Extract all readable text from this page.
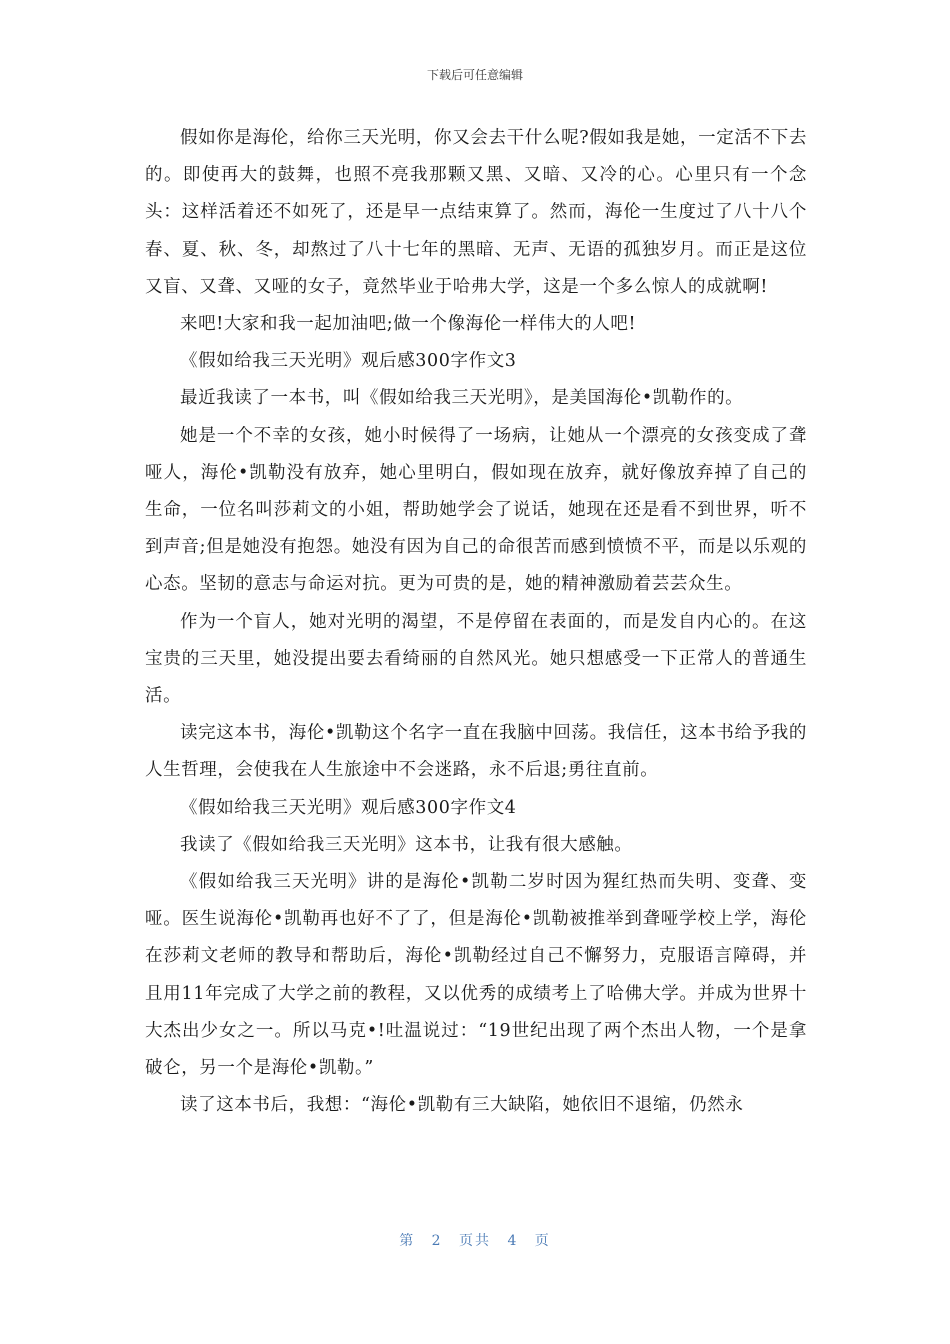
下载后可任意编辑

假如你是海伦，给你三天光明，你又会去干什么呢?假如我是她，一定活不下去的。即使再大的鼓舞，也照不亮我那颗又黑、又暗、又冷的心。心里只有一个念头：这样活着还不如死了，还是早一点结束算了。然而，海伦一生度过了八十八个春、夏、秋、冬，却熬过了八十七年的黑暗、无声、无语的孤独岁月。而正是这位又盲、又聋、又哑的女子，竟然毕业于哈弗大学，这是一个多么惊人的成就啊!

来吧!大家和我一起加油吧;做一个像海伦一样伟大的人吧!

《假如给我三天光明》观后感300字作文3

最近我读了一本书，叫《假如给我三天光明》，是美国海伦•凯勒作的。

她是一个不幸的女孩，她小时候得了一场病，让她从一个漂亮的女孩变成了聋哑人，海伦•凯勒没有放弃，她心里明白，假如现在放弃，就好像放弃掉了自己的生命，一位名叫莎莉文的小姐，帮助她学会了说话，她现在还是看不到世界，听不到声音;但是她没有抱怨。她没有因为自己的命很苦而感到愤愤不平，而是以乐观的心态。坚韧的意志与命运对抗。更为可贵的是，她的精神激励着芸芸众生。

作为一个盲人，她对光明的渴望，不是停留在表面的，而是发自内心的。在这宝贵的三天里，她没提出要去看绮丽的自然风光。她只想感受一下正常人的普通生活。

读完这本书，海伦•凯勒这个名字一直在我脑中回荡。我信任，这本书给予我的人生哲理，会使我在人生旅途中不会迷路，永不后退;勇往直前。

《假如给我三天光明》观后感300字作文4

我读了《假如给我三天光明》这本书，让我有很大感触。

《假如给我三天光明》讲的是海伦•凯勒二岁时因为猩红热而失明、变聋、变哑。医生说海伦•凯勒再也好不了了，但是海伦•凯勒被推举到聋哑学校上学，海伦在莎莉文老师的教导和帮助后，海伦•凯勒经过自己不懈努力，克服语言障碍，并且用11年完成了大学之前的教程，又以优秀的成绩考上了哈佛大学。并成为世界十大杰出少女之一。所以马克•!吐温说过：“19世纪出现了两个杰出人物，一个是拿破仑，另一个是海伦•凯勒。”

读了这本书后，我想：“海伦•凯勒有三大缺陷，她依旧不退缩，仍然永

第 2 页共 4 页
